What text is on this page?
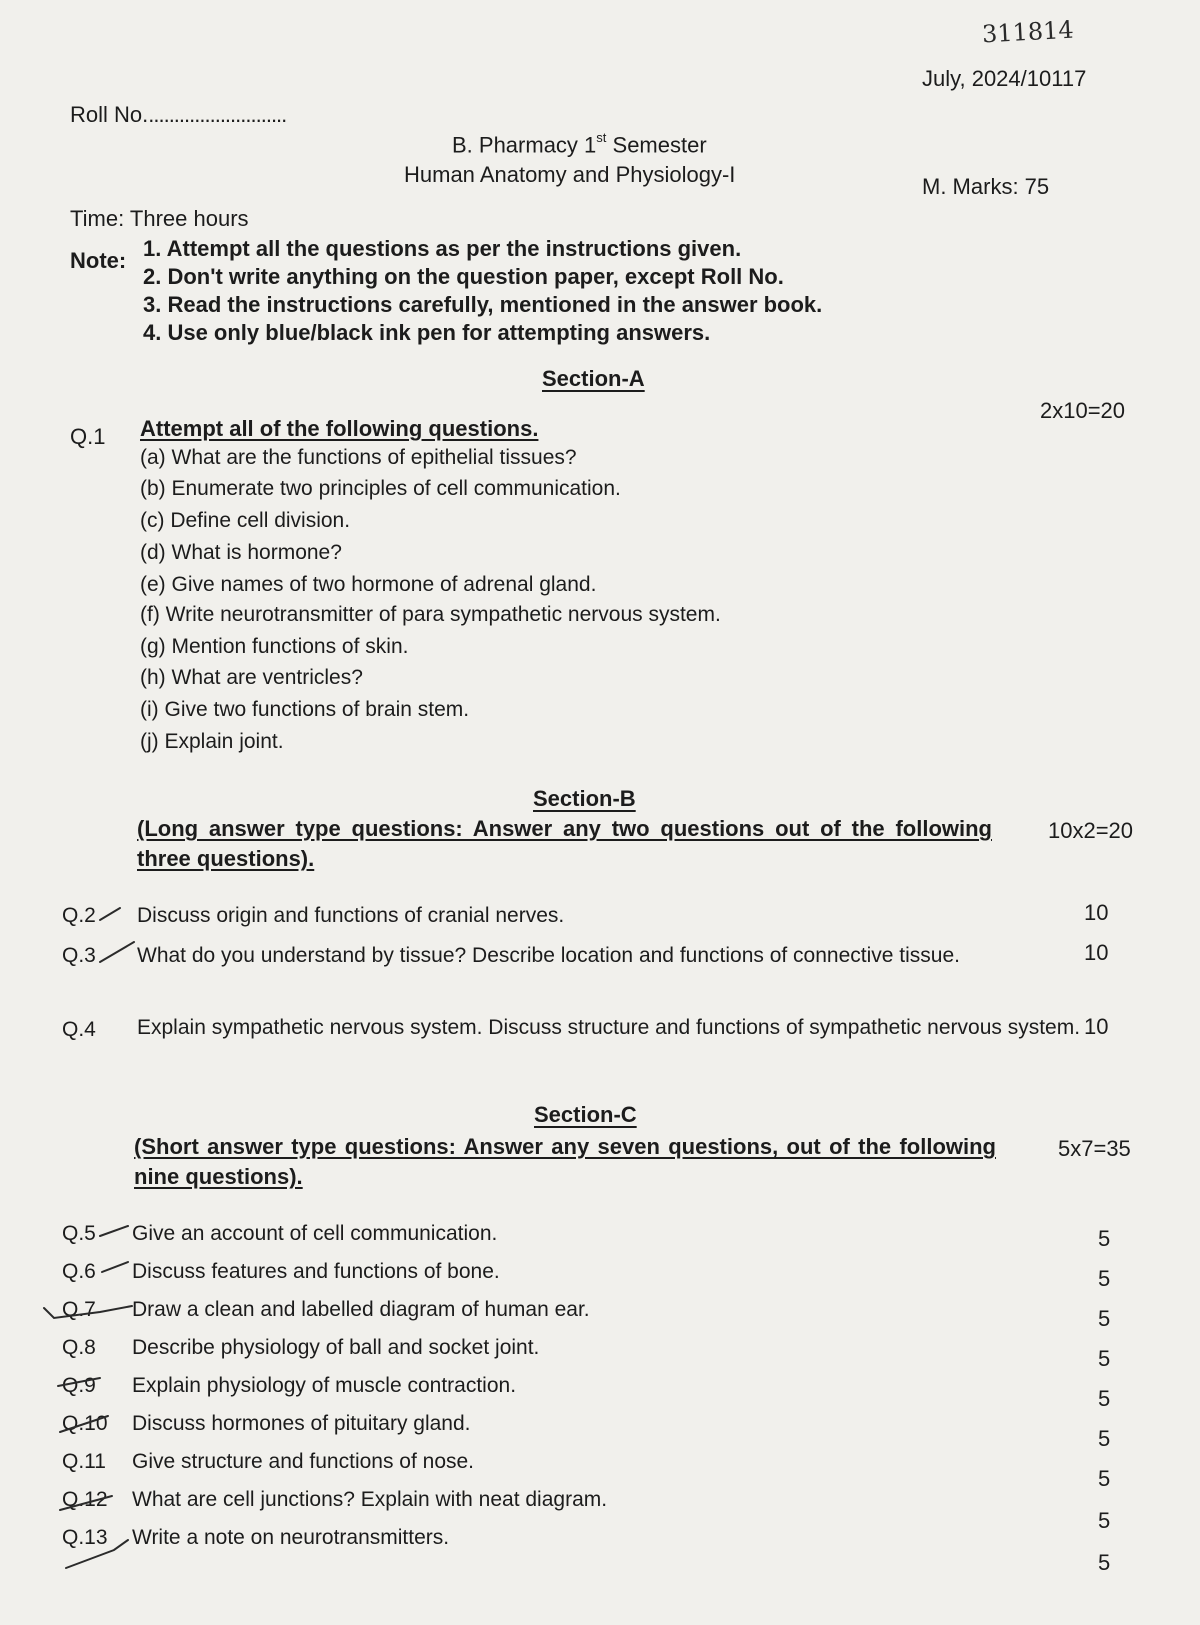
311814
July, 2024/10117
Roll No............................
B. Pharmacy 1st Semester
Human Anatomy and Physiology-I	M. Marks: 75
Time: Three hours
Note: 1. Attempt all the questions as per the instructions given.
2. Don't write anything on the question paper, except Roll No.
3. Read the instructions carefully, mentioned in the answer book.
4. Use only blue/black ink pen for attempting answers.
Section-A
2x10=20
Q.1 Attempt all of the following questions.
(a) What are the functions of epithelial tissues?
(b) Enumerate two principles of cell communication.
(c) Define cell division.
(d) What is hormone?
(e) Give names of two hormone of adrenal gland.
(f) Write neurotransmitter of para sympathetic nervous system.
(g) Mention functions of skin.
(h) What are ventricles?
(i) Give two functions of brain stem.
(j) Explain joint.
Section-B
(Long answer type questions: Answer any two questions out of the following three questions).
10x2=20
Q.2 Discuss origin and functions of cranial nerves.	10
Q.3 What do you understand by tissue? Describe location and functions of connective tissue.	10
Q.4 Explain sympathetic nervous system. Discuss structure and functions of sympathetic nervous system. 10
Section-C
(Short answer type questions: Answer any seven questions, out of the following nine questions).
5x7=35
Q.5 Give an account of cell communication.	5
Q.6 Discuss features and functions of bone.	5
Q.7 Draw a clean and labelled diagram of human ear.	5
Q.8 Describe physiology of ball and socket joint.	5
Q.9 Explain physiology of muscle contraction.
5
Q.10 Discuss hormones of pituitary gland.
5
Q.11 Give structure and functions of nose.
5
Q.12 What are cell junctions? Explain with neat diagram.
5
Q.13 Write a note on neurotransmitters.
5
